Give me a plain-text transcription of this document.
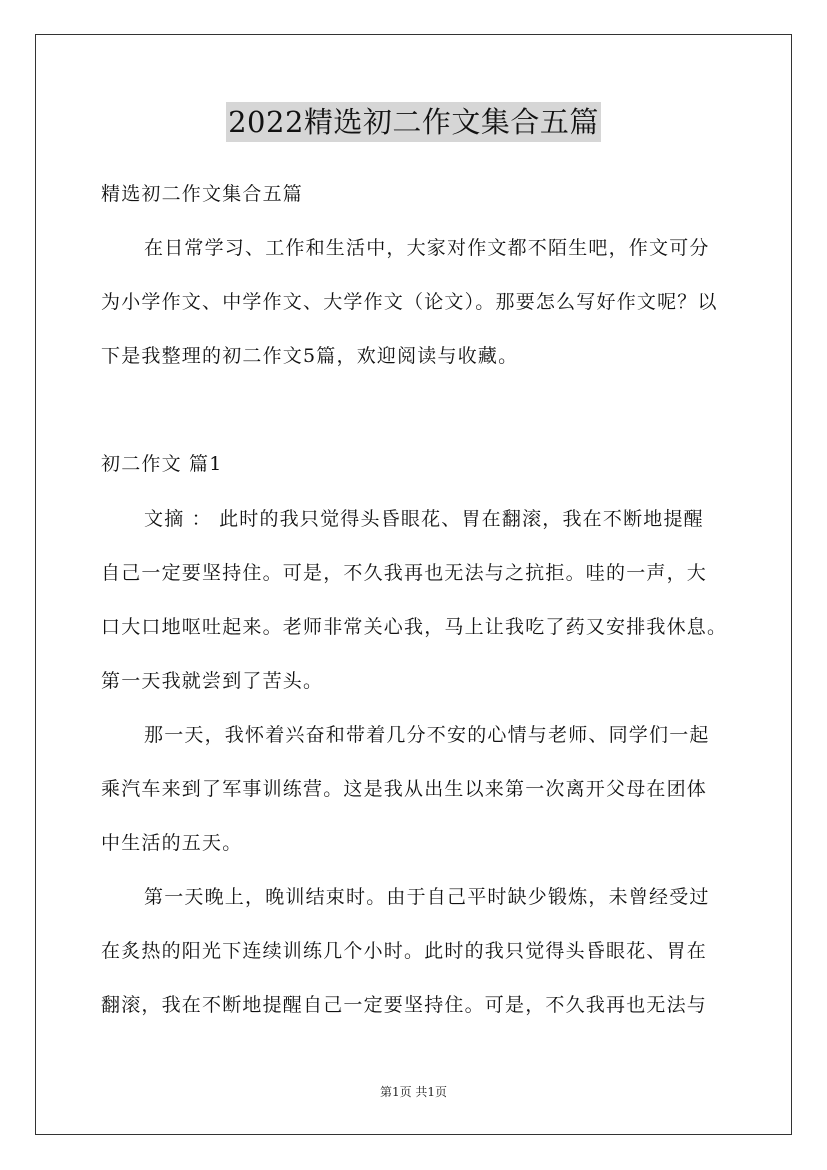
2022精选初二作文集合五篇
精选初二作文集合五篇
在日常学习、工作和生活中，大家对作文都不陌生吧，作文可分
为小学作文、中学作文、大学作文（论文）。那要怎么写好作文呢？以
下是我整理的初二作文5篇，欢迎阅读与收藏。
初二作文 篇1
文摘 ： 此时的我只觉得头昏眼花、胃在翻滚，我在不断地提醒
自己一定要坚持住。可是，不久我再也无法与之抗拒。哇的一声，大
口大口地呕吐起来。老师非常关心我，马上让我吃了药又安排我休息。
第一天我就尝到了苦头。
那一天，我怀着兴奋和带着几分不安的心情与老师、同学们一起
乘汽车来到了军事训练营。这是我从出生以来第一次离开父母在团体
中生活的五天。
第一天晚上，晚训结束时。由于自己平时缺少锻炼，未曾经受过
在炙热的阳光下连续训练几个小时。此时的我只觉得头昏眼花、胃在
翻滚，我在不断地提醒自己一定要坚持住。可是，不久我再也无法与
第1页 共1页
